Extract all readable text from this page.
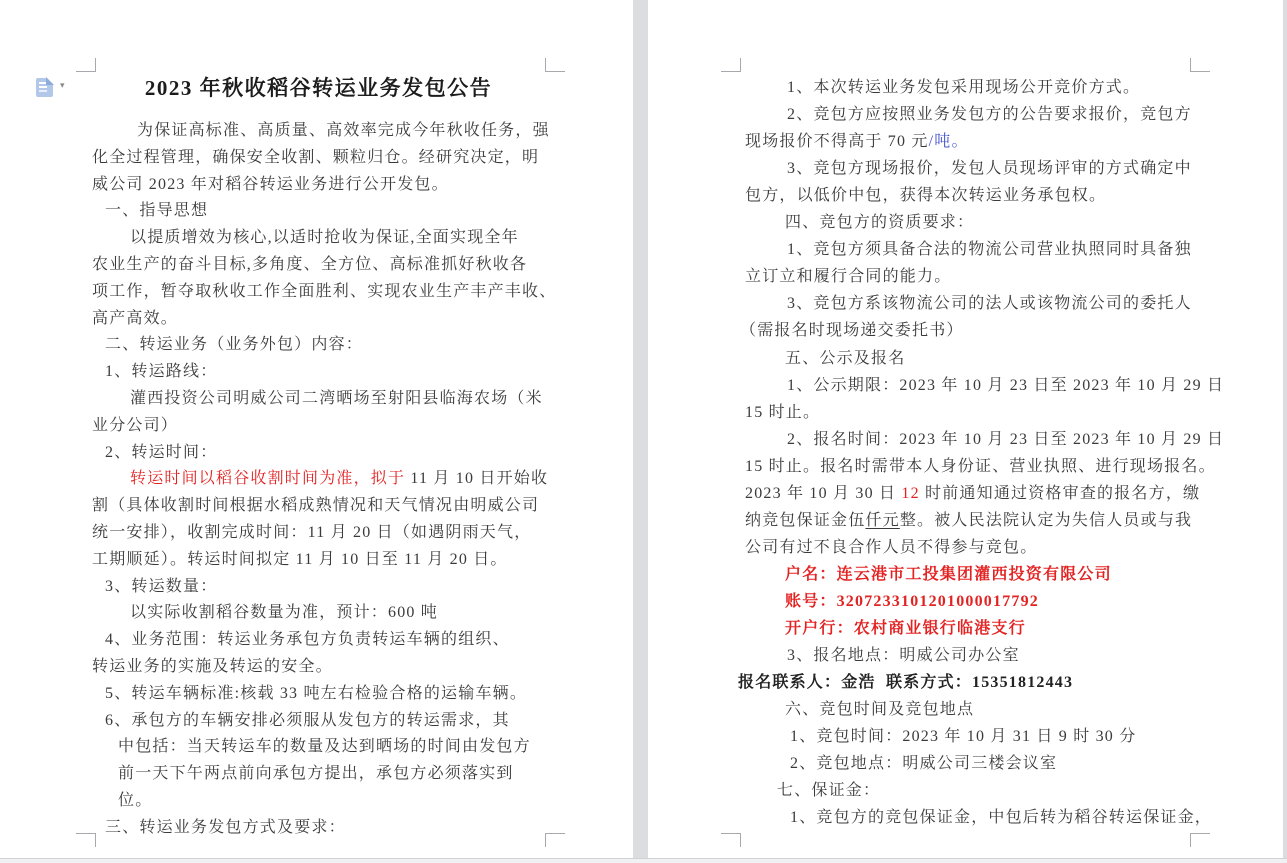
▾	2023 年秋收稻谷转运业务发包公告
为保证高标准、高质量、高效率完成今年秋收任务，强
化全过程管理，确保安全收割、颗粒归仓。经研究决定，明
威公司 2023 年对稻谷转运业务进行公开发包。
一、指导思想
以提质增效为核心,以适时抢收为保证,全面实现全年
农业生产的奋斗目标,多角度、全方位、高标准抓好秋收各
项工作，暂夺取秋收工作全面胜利、实现农业生产丰产丰收、
高产高效。
二、转运业务（业务外包）内容：
1、转运路线：
灌西投资公司明威公司二湾晒场至射阳县临海农场（米
业分公司）
2、转运时间：
转运时间以稻谷收割时间为准，拟于 11 月 10 日开始收
割（具体收割时间根据水稻成熟情况和天气情况由明威公司
统一安排），收割完成时间：11 月 20 日（如遇阴雨天气，
工期顺延）。转运时间拟定 11 月 10 日至 11 月 20 日。
3、转运数量：
以实际收割稻谷数量为准，预计：600 吨
4、业务范围：转运业务承包方负责转运车辆的组织、
转运业务的实施及转运的安全。
5、转运车辆标准:核载 33 吨左右检验合格的运输车辆。
6、承包方的车辆安排必须服从发包方的转运需求，其
中包括：当天转运车的数量及达到晒场的时间由发包方
前一天下午两点前向承包方提出，承包方必须落实到
位。
三、转运业务发包方式及要求：
1、本次转运业务发包采用现场公开竞价方式。
2、竞包方应按照业务发包方的公告要求报价，竞包方
现场报价不得高于 70 元/吨。
3、竞包方现场报价，发包人员现场评审的方式确定中
包方，以低价中包，获得本次转运业务承包权。
四、竞包方的资质要求：
1、竞包方须具备合法的物流公司营业执照同时具备独
立订立和履行合同的能力。
3、竞包方系该物流公司的法人或该物流公司的委托人
（需报名时现场递交委托书）
五、公示及报名
1、公示期限：2023 年 10 月 23 日至 2023 年 10 月 29 日
15 时止。
2、报名时间：2023 年 10 月 23 日至 2023 年 10 月 29 日
15 时止。报名时需带本人身份证、营业执照、进行现场报名。
2023 年 10 月 30 日 12 时前通知通过资格审查的报名方，缴
纳竞包保证金伍仟元整。被人民法院认定为失信人员或与我
公司有过不良合作人员不得参与竞包。
户名：连云港市工投集团灌西投资有限公司
账号：3207233101201000017792
开户行：农村商业银行临港支行
3、报名地点：明威公司办公室
报名联系人：金浩  联系方式：15351812443
六、竞包时间及竞包地点
1、竞包时间：2023 年 10 月 31 日 9 时 30 分
2、竞包地点：明威公司三楼会议室
七、保证金：
1、竞包方的竞包保证金，中包后转为稻谷转运保证金，
